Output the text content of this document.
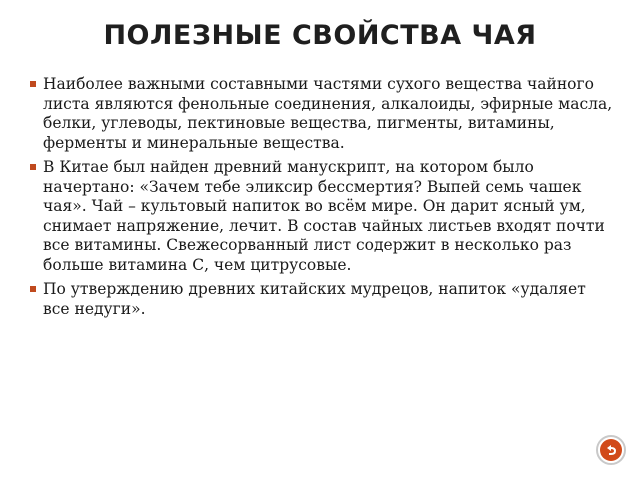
ПОЛЕЗНЫЕ СВОЙСТВА ЧАЯ
Наиболее важными составными частями сухого вещества чайного листа являются фенольные соединения, алкалоиды, эфирные масла, белки, углеводы, пектиновые вещества, пигменты, витамины, ферменты и минеральные вещества.
В Китае был найден древний манускрипт, на котором было начертано: «Зачем тебе эликсир бессмертия? Выпей семь чашек чая». Чай – культовый напиток во всём мире. Он дарит ясный ум, снимает напряжение, лечит. В состав чайных листьев входят почти все витамины. Свежесорванный лист содержит в несколько раз больше витамина С, чем цитрусовые.
По утверждению древних китайских мудрецов, напиток «удаляет все недуги».
